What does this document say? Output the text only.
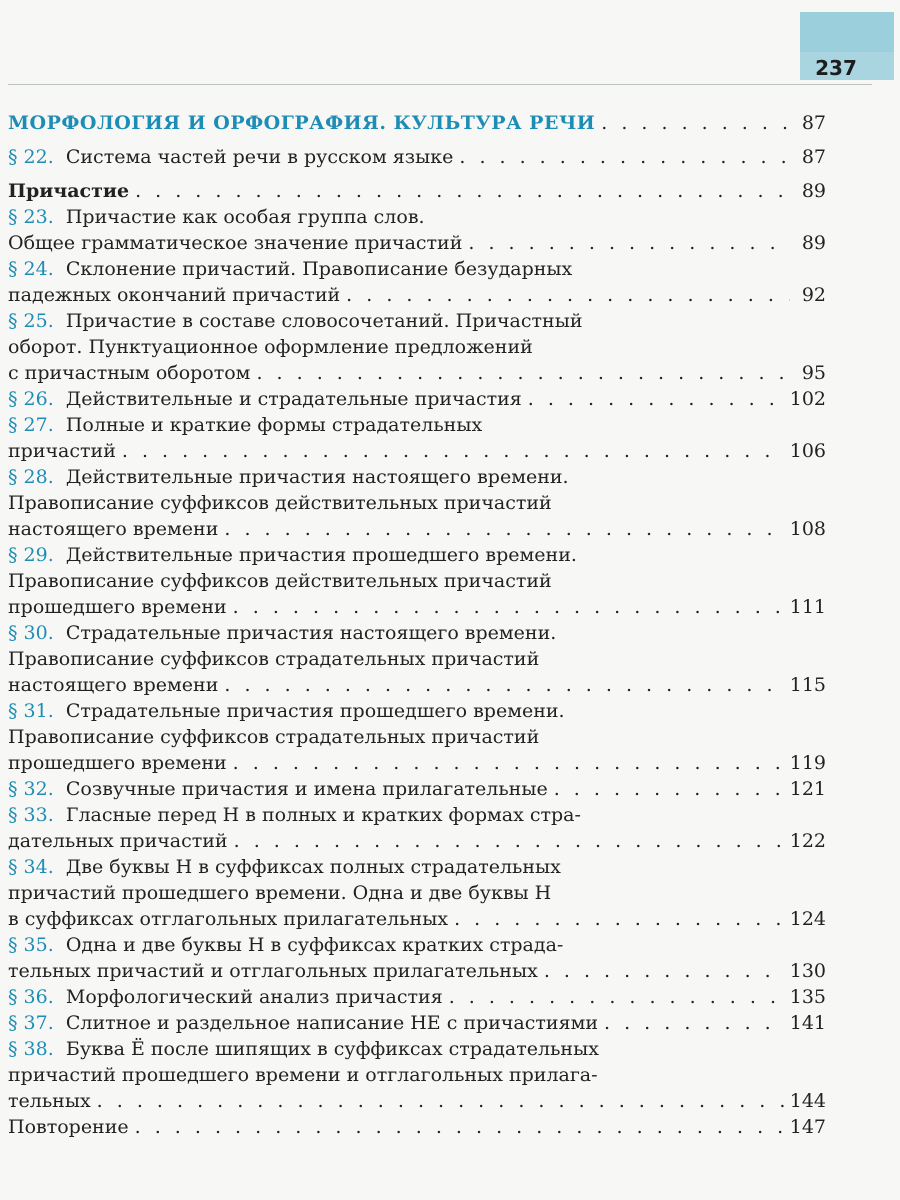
237
МОРФОЛОГИЯ И ОРФОГРАФИЯ. КУЛЬТУРА РЕЧИ . . .	87
§ 22.
Система частей речи в русском языке . . .	87
Причастие . . .	89
§ 23.
Причастие как особая группа слов.
Общее грамматическое значение причастий . . .	89
§ 24.
Склонение причастий. Правописание безударных
падежных окончаний причастий . . .	92
§ 25.
Причастие в составе словосочетаний. Причастный
оборот. Пунктуационное оформление предложений
с причастным оборотом . . .	95
§ 26.
Действительные и страдательные причастия . . .	102
§ 27.
Полные и краткие формы страдательных
причастий . . .	106
§ 28.
Действительные причастия настоящего времени.
Правописание суффиксов действительных причастий
настоящего времени . . .	108
§ 29.
Действительные причастия прошедшего времени.
Правописание суффиксов действительных причастий
прошедшего времени . . .	111
§ 30.
Страдательные причастия настоящего времени.
Правописание суффиксов страдательных причастий
настоящего времени . . .	115
§ 31.
Страдательные причастия прошедшего времени.
Правописание суффиксов страдательных причастий
прошедшего времени . . .	119
§ 32.
Созвучные причастия и имена прилагательные . . .	121
§ 33.
Гласные перед Н в полных и кратких формах стра-
дательных причастий . . .	122
§ 34.
Две буквы Н в суффиксах полных страдательных
причастий прошедшего времени. Одна и две буквы Н
в суффиксах отглагольных прилагательных . . .	124
§ 35.
Одна и две буквы Н в суффиксах кратких страда-
тельных причастий и отглагольных прилагательных . . .	130
§ 36.
Морфологический анализ причастия . . .	135
§ 37.
Слитное и раздельное написание НЕ с причастиями . . .	141
§ 38.
Буква Ё после шипящих в суффиксах страдательных
причастий прошедшего времени и отглагольных прилага-
тельных . . .	144
Повторение . . .	147
